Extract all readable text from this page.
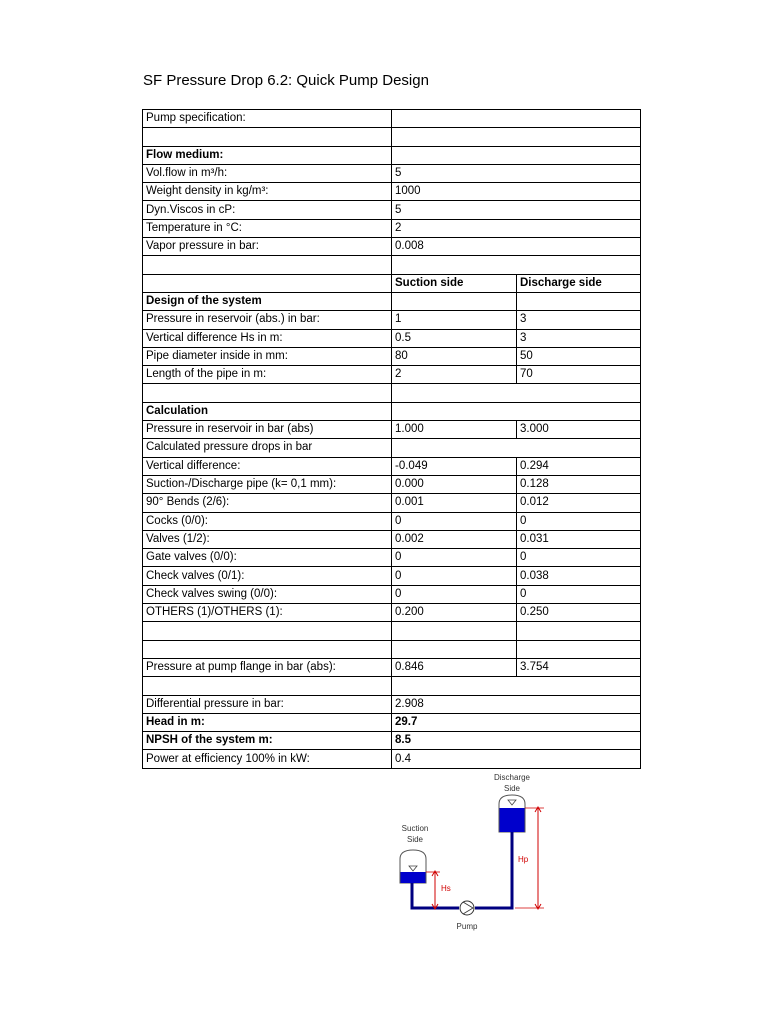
SF Pressure Drop 6.2: Quick Pump Design
Pump specification:		

Flow medium:		
Vol.flow in m³/h:	5	
Weight density in kg/m³:	1000	
Dyn.Viscos in cP:	5	
Temperature in °C:	2	
Vapor pressure in bar:	0.008	

	Suction side	Discharge side
Design of the system		
Pressure in reservoir (abs.) in bar:	1	3
Vertical difference Hs in m:	0.5	3
Pipe diameter inside in mm:	80	50
Length of the pipe in m:	2	70

Calculation		
Pressure in reservoir in bar (abs)	1.000	3.000
Calculated pressure drops in bar		
Vertical difference:	-0.049	0.294
Suction-/Discharge pipe (k= 0,1 mm):	0.000	0.128
90° Bends (2/6):	0.001	0.012
Cocks (0/0):	0	0
Valves (1/2):	0.002	0.031
Gate valves (0/0):	0	0
Check valves (0/1):	0	0.038
Check valves swing (0/0):	0	0
OTHERS (1)/OTHERS (1):	0.200	0.250

Pressure at pump flange in bar (abs):	0.846	3.754

Differential pressure in bar:	2.908	
Head in m:	29.7	
NPSH of the system m:	8.5	
Power at efficiency 100% in kW:	0.4	
Discharge
Side
Suction
Side
Hs
Hp
Pump
